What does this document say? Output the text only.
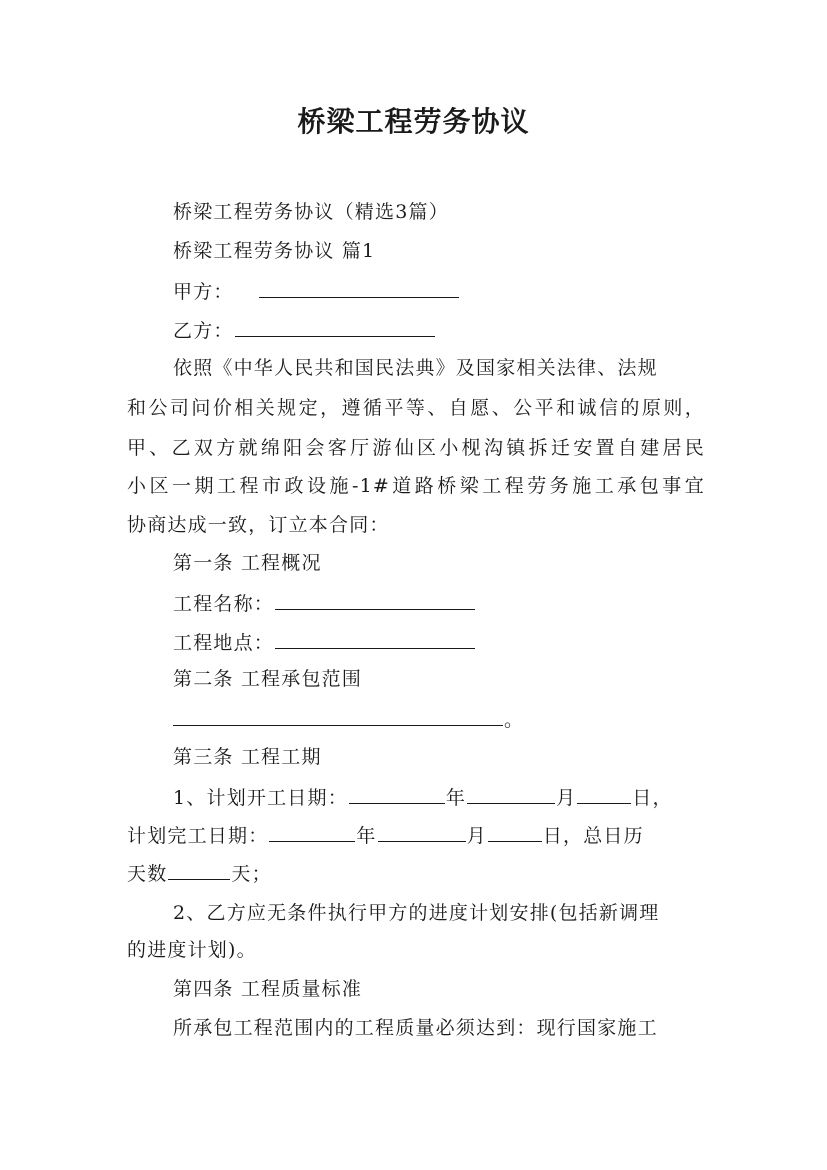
桥梁工程劳务协议
桥梁工程劳务协议（精选3篇）
桥梁工程劳务协议 篇1
甲方：
乙方：
依照《中华人民共和国民法典》及国家相关法律、法规
和公司问价相关规定，遵循平等、自愿、公平和诚信的原则，
甲、乙双方就绵阳会客厅游仙区小枧沟镇拆迁安置自建居民
小区一期工程市政设施-1#道路桥梁工程劳务施工承包事宜
协商达成一致，订立本合同：
第一条 工程概况
工程名称：
工程地点：
第二条 工程承包范围
。
第三条 工程工期
1、计划开工日期：	年	月	日，
计划完工日期：	年	月	日，总日历
天数	天；
2、乙方应无条件执行甲方的进度计划安排(包括新调理
的进度计划)。
第四条 工程质量标准
所承包工程范围内的工程质量必须达到：现行国家施工
